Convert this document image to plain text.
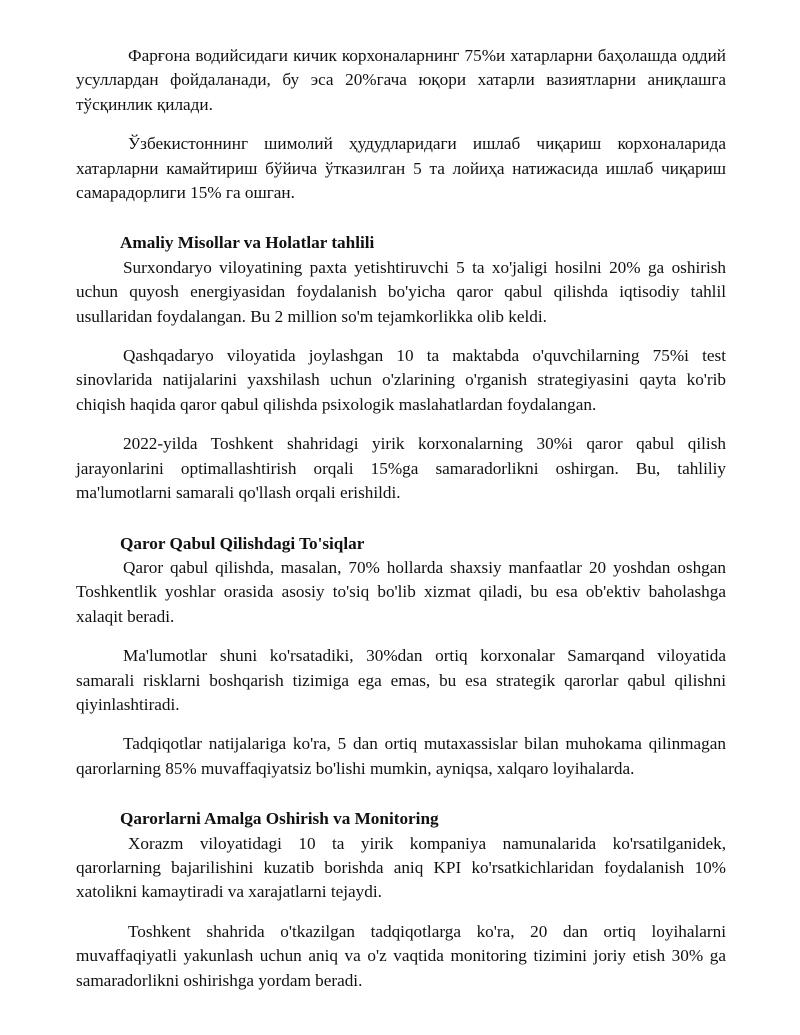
Фарғона водийсидаги кичик корхоналарнинг 75%и хатарларни баҳолашда оддий усуллардан фойдаланади, бу эса 20%гача юқори хатарли вазиятларни аниқлашга тўсқинлик қилади.

Ўзбекистоннинг шимолий ҳудудларидаги ишлаб чиқариш корхоналарида хатарларни камайтириш бўйича ўтказилган 5 та лойиҳа натижасида ишлаб чиқариш самарадорлиги 15% га ошган.

Amaliy Misollar va Holatlar tahlili

Surxondaryo viloyatining paxta yetishtiruvchi 5 ta xo'jaligi hosilni 20% ga oshirish uchun quyosh energiyasidan foydalanish bo'yicha qaror qabul qilishda iqtisodiy tahlil usullaridan foydalangan. Bu 2 million so'm tejamkorlikka olib keldi.

Qashqadaryo viloyatida joylashgan 10 ta maktabda o'quvchilarning 75%i test sinovlarida natijalarini yaxshilash uchun o'zlarining o'rganish strategiyasini qayta ko'rib chiqish haqida qaror qabul qilishda psixologik maslahatlardan foydalangan.

2022-yilda Toshkent shahridagi yirik korxonalarning 30%i qaror qabul qilish jarayonlarini optimallashtirish orqali 15%ga samaradorlikni oshirgan. Bu, tahliliy ma'lumotlarni samarali qo'llash orqali erishildi.

Qaror Qabul Qilishdagi To'siqlar

Qaror qabul qilishda, masalan, 70% hollarda shaxsiy manfaatlar 20 yoshdan oshgan Toshkentlik yoshlar orasida asosiy to'siq bo'lib xizmat qiladi, bu esa ob'ektiv baholashga xalaqit beradi.

Ma'lumotlar shuni ko'rsatadiki, 30%dan ortiq korxonalar Samarqand viloyatida samarali risklarni boshqarish tizimiga ega emas, bu esa strategik qarorlar qabul qilishni qiyinlashtiradi.

Tadqiqotlar natijalariga ko'ra, 5 dan ortiq mutaxassislar bilan muhokama qilinmagan qarorlarning 85% muvaffaqiyatsiz bo'lishi mumkin, ayniqsa, xalqaro loyihalarda.

Qarorlarni Amalga Oshirish va Monitoring

Xorazm viloyatidagi 10 ta yirik kompaniya namunalarida ko'rsatilganidek, qarorlarning bajarilishini kuzatib borishda aniq KPI ko'rsatkichlaridan foydalanish 10% xatolikni kamaytiradi va xarajatlarni tejaydi.

Toshkent shahrida o'tkazilgan tadqiqotlarga ko'ra, 20 dan ortiq loyihalarni muvaffaqiyatli yakunlash uchun aniq va o'z vaqtida monitoring tizimini joriy etish 30% ga samaradorlikni oshirishga yordam beradi.
